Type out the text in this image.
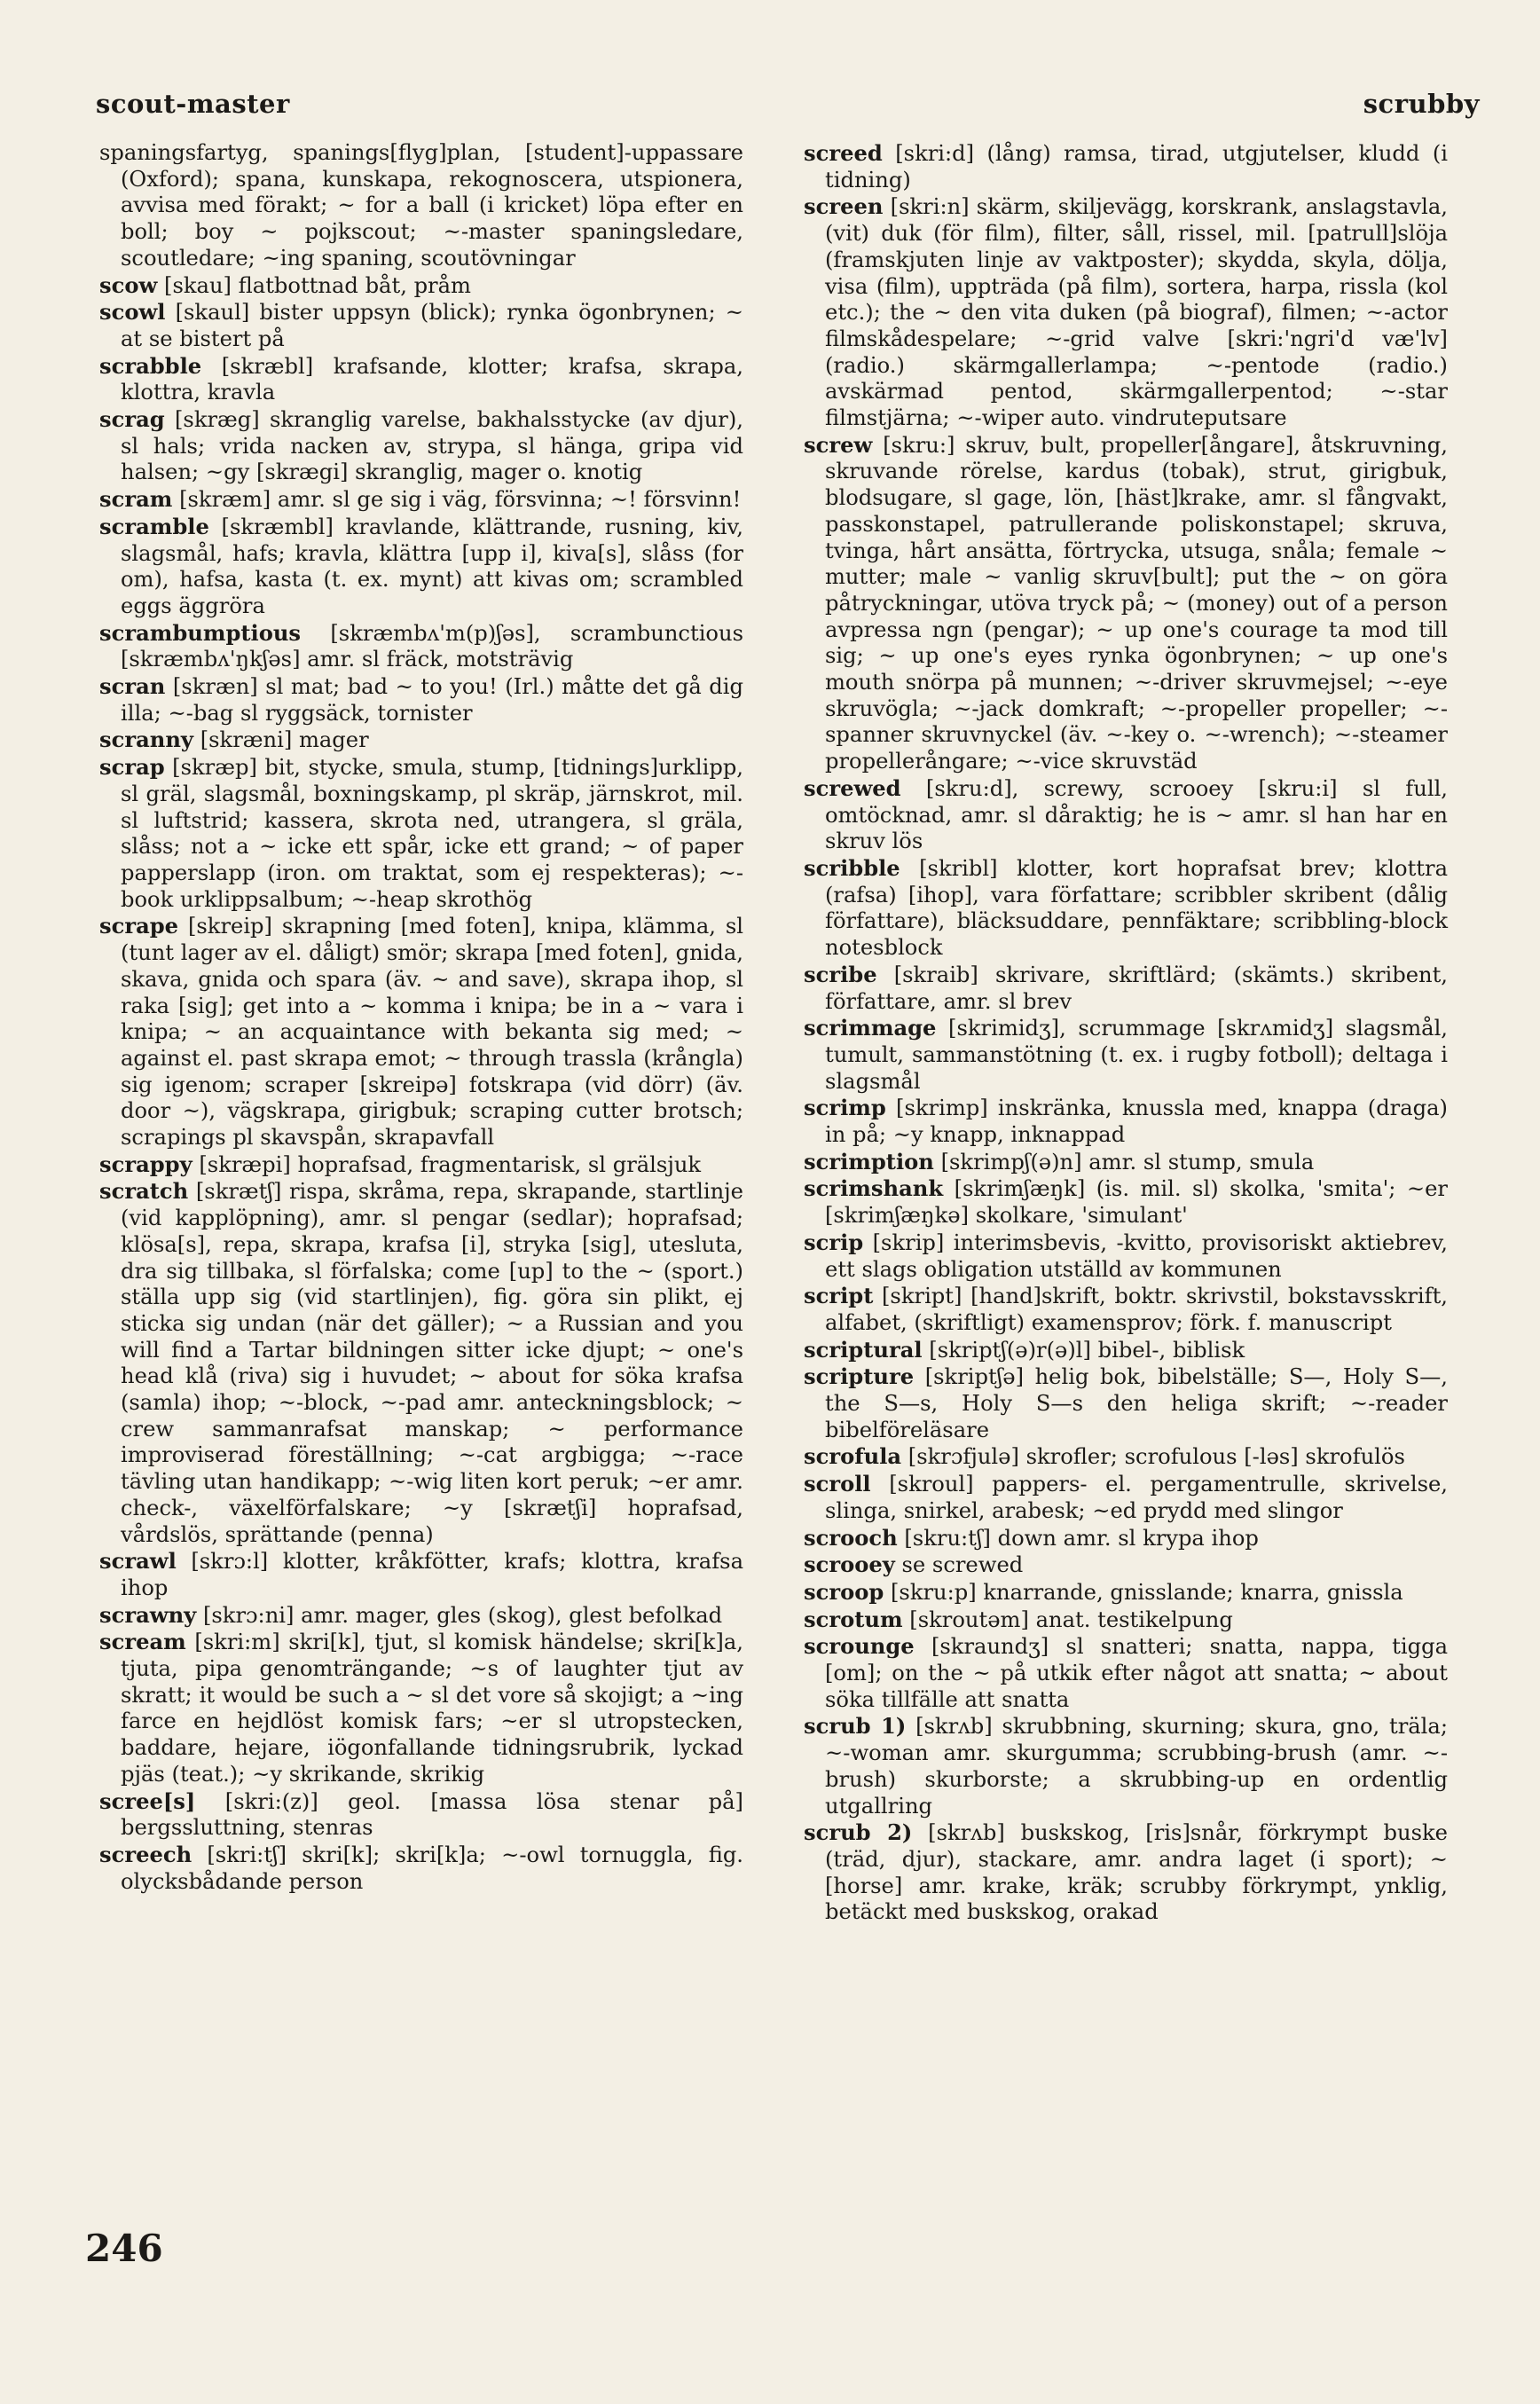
scout-master	scrubby

spaningsfartyg, spanings[flyg]plan, [student]-uppassare (Oxford); spana, kunskapa, rekognoscera, utspionera, avvisa med förakt; ~ for a ball (i kricket) löpa efter en boll; boy ~ pojkscout; ~-master spaningsledare, scoutledare; ~ing spaning, scoutövningar

scow [skau] flatbottnad båt, pråm

scowl [skaul] bister uppsyn (blick); rynka ögonbrynen; ~ at se bistert på

scrabble [skræbl] krafsande, klotter; krafsa, skrapa, klottra, kravla

scrag [skræg] skranglig varelse, bakhalsstycke (av djur), sl hals; vrida nacken av, strypa, sl hänga, gripa vid halsen; ~gy [skrægi] skranglig, mager o. knotig

scram [skræm] amr. sl ge sig i väg, försvinna; ~! försvinn!

scramble [skræmbl] kravlande, klättrande, rusning, kiv, slagsmål, hafs; kravla, klättra [upp i], kiva[s], slåss (for om), hafsa, kasta (t. ex. mynt) att kivas om; scrambled eggs äggröra

scrambumptious [skræmbʌ'm(p)ʃəs], scrambunctious [skræmbʌ'ŋkʃəs] amr. sl fräck, motsträvig

scran [skræn] sl mat; bad ~ to you! (Irl.) måtte det gå dig illa; ~-bag sl ryggsäck, tornister

scranny [skræni] mager

scrap [skræp] bit, stycke, smula, stump, [tidnings]urklipp, sl gräl, slagsmål, boxningskamp, pl skräp, järnskrot, mil. sl luftstrid; kassera, skrota ned, utrangera, sl gräla, slåss; not a ~ icke ett spår, icke ett grand; ~ of paper papperslapp (iron. om traktat, som ej respekteras); ~-book urklippsalbum; ~-heap skrothög

scrape [skreip] skrapning [med foten], knipa, klämma, sl (tunt lager av el. dåligt) smör; skrapa [med foten], gnida, skava, gnida och spara (äv. ~ and save), skrapa ihop, sl raka [sig]; get into a ~ komma i knipa; be in a ~ vara i knipa; ~ an acquaintance with bekanta sig med; ~ against el. past skrapa emot; ~ through trassla (krångla) sig igenom; scraper [skreipə] fotskrapa (vid dörr) (äv. door ~), vägskrapa, girigbuk; scraping cutter brotsch; scrapings pl skavspån, skrapavfall

scrappy [skræpi] hoprafsad, fragmentarisk, sl grälsjuk

scratch [skrætʃ] rispa, skråma, repa, skrapande, startlinje (vid kapplöpning), amr. sl pengar (sedlar); hoprafsad; klösa[s], repa, skrapa, krafsa [i], stryka [sig], utesluta, dra sig tillbaka, sl förfalska; come [up] to the ~ (sport.) ställa upp sig (vid startlinjen), fig. göra sin plikt, ej sticka sig undan (när det gäller); ~ a Russian and you will find a Tartar bildningen sitter icke djupt; ~ one's head klå (riva) sig i huvudet; ~ about for söka krafsa (samla) ihop; ~-block, ~-pad amr. anteckningsblock; ~ crew sammanrafsat manskap; ~ performance improviserad föreställning; ~-cat argbigga; ~-race tävling utan handikapp; ~-wig liten kort peruk; ~er amr. check-, växelförfalskare; ~y [skrætʃi] hoprafsad, vårdslös, sprättande (penna)

scrawl [skrɔ:l] klotter, kråkfötter, krafs; klottra, krafsa ihop

scrawny [skrɔ:ni] amr. mager, gles (skog), glest befolkad

scream [skri:m] skri[k], tjut, sl komisk händelse; skri[k]a, tjuta, pipa genomträngande; ~s of laughter tjut av skratt; it would be such a ~ sl det vore så skojigt; a ~ing farce en hejdlöst komisk fars; ~er sl utropstecken, baddare, hejare, iögonfallande tidningsrubrik, lyckad pjäs (teat.); ~y skrikande, skrikig

scree[s] [skri:(z)] geol. [massa lösa stenar på] bergssluttning, stenras

screech [skri:tʃ] skri[k]; skri[k]a; ~-owl tornuggla, fig. olycksbådande person

screed [skri:d] (lång) ramsa, tirad, utgjutelser, kludd (i tidning)

screen [skri:n] skärm, skiljevägg, korskrank, anslagstavla, (vit) duk (för film), filter, såll, rissel, mil. [patrull]slöja (framskjuten linje av vaktposter); skydda, skyla, dölja, visa (film), uppträda (på film), sortera, harpa, rissla (kol etc.); the ~ den vita duken (på biograf), filmen; ~-actor filmskådespelare; ~-grid valve [skri:'ngri'd væ'lv] (radio.) skärmgallerlampa; ~-pentode (radio.) avskärmad pentod, skärmgallerpentod; ~-star filmstjärna; ~-wiper auto. vindruteputsare

screw [skru:] skruv, bult, propeller[ångare], åtskruvning, skruvande rörelse, kardus (tobak), strut, girigbuk, blodsugare, sl gage, lön, [häst]krake, amr. sl fångvakt, passkonstapel, patrullerande poliskonstapel; skruva, tvinga, hårt ansätta, förtrycka, utsuga, snåla; female ~ mutter; male ~ vanlig skruv[bult]; put the ~ on göra påtryckningar, utöva tryck på; ~ (money) out of a person avpressa ngn (pengar); ~ up one's courage ta mod till sig; ~ up one's eyes rynka ögonbrynen; ~ up one's mouth snörpa på munnen; ~-driver skruvmejsel; ~-eye skruvögla; ~-jack domkraft; ~-propeller propeller; ~-spanner skruvnyckel (äv. ~-key o. ~-wrench); ~-steamer propellerångare; ~-vice skruvstäd

screwed [skru:d], screwy, scrooey [skru:i] sl full, omtöcknad, amr. sl dåraktig; he is ~ amr. sl han har en skruv lös

scribble [skribl] klotter, kort hoprafsat brev; klottra (rafsa) [ihop], vara författare; scribbler skribent (dålig författare), bläcksuddare, pennfäktare; scribbling-block notesblock

scribe [skraib] skrivare, skriftlärd; (skämts.) skribent, författare, amr. sl brev

scrimmage [skrimidʒ], scrummage [skrʌmidʒ] slagsmål, tumult, sammanstötning (t. ex. i rugby fotboll); deltaga i slagsmål

scrimp [skrimp] inskränka, knussla med, knappa (draga) in på; ~y knapp, inknappad

scrimption [skrimpʃ(ə)n] amr. sl stump, smula

scrimshank [skrimʃæŋk] (is. mil. sl) skolka, 'smita'; ~er [skrimʃæŋkə] skolkare, 'simulant'

scrip [skrip] interimsbevis, -kvitto, provisoriskt aktiebrev, ett slags obligation utställd av kommunen

script [skript] [hand]skrift, boktr. skrivstil, bokstavsskrift, alfabet, (skriftligt) examensprov; förk. f. manuscript

scriptural [skriptʃ(ə)r(ə)l] bibel-, biblisk

scripture [skriptʃə] helig bok, bibelställe; S—, Holy S—, the S—s, Holy S—s den heliga skrift; ~-reader bibelföreläsare

scrofula [skrɔfjulə] skrofler; scrofulous [-ləs] skrofulös

scroll [skroul] pappers- el. pergamentrulle, skrivelse, slinga, snirkel, arabesk; ~ed prydd med slingor

scrooch [skru:tʃ] down amr. sl krypa ihop

scrooey se screwed

scroop [skru:p] knarrande, gnisslande; knarra, gnissla

scrotum [skroutəm] anat. testikelpung

scrounge [skraundʒ] sl snatteri; snatta, nappa, tigga [om]; on the ~ på utkik efter något att snatta; ~ about söka tillfälle att snatta

scrub 1) [skrʌb] skrubbning, skurning; skura, gno, träla; ~-woman amr. skurgumma; scrubbing-brush (amr. ~-brush) skurborste; a skrubbing-up en ordentlig utgallring

scrub 2) [skrʌb] buskskog, [ris]snår, förkrympt buske (träd, djur), stackare, amr. andra laget (i sport); ~ [horse] amr. krake, kräk; scrubby förkrympt, ynklig, betäckt med buskskog, orakad

246
